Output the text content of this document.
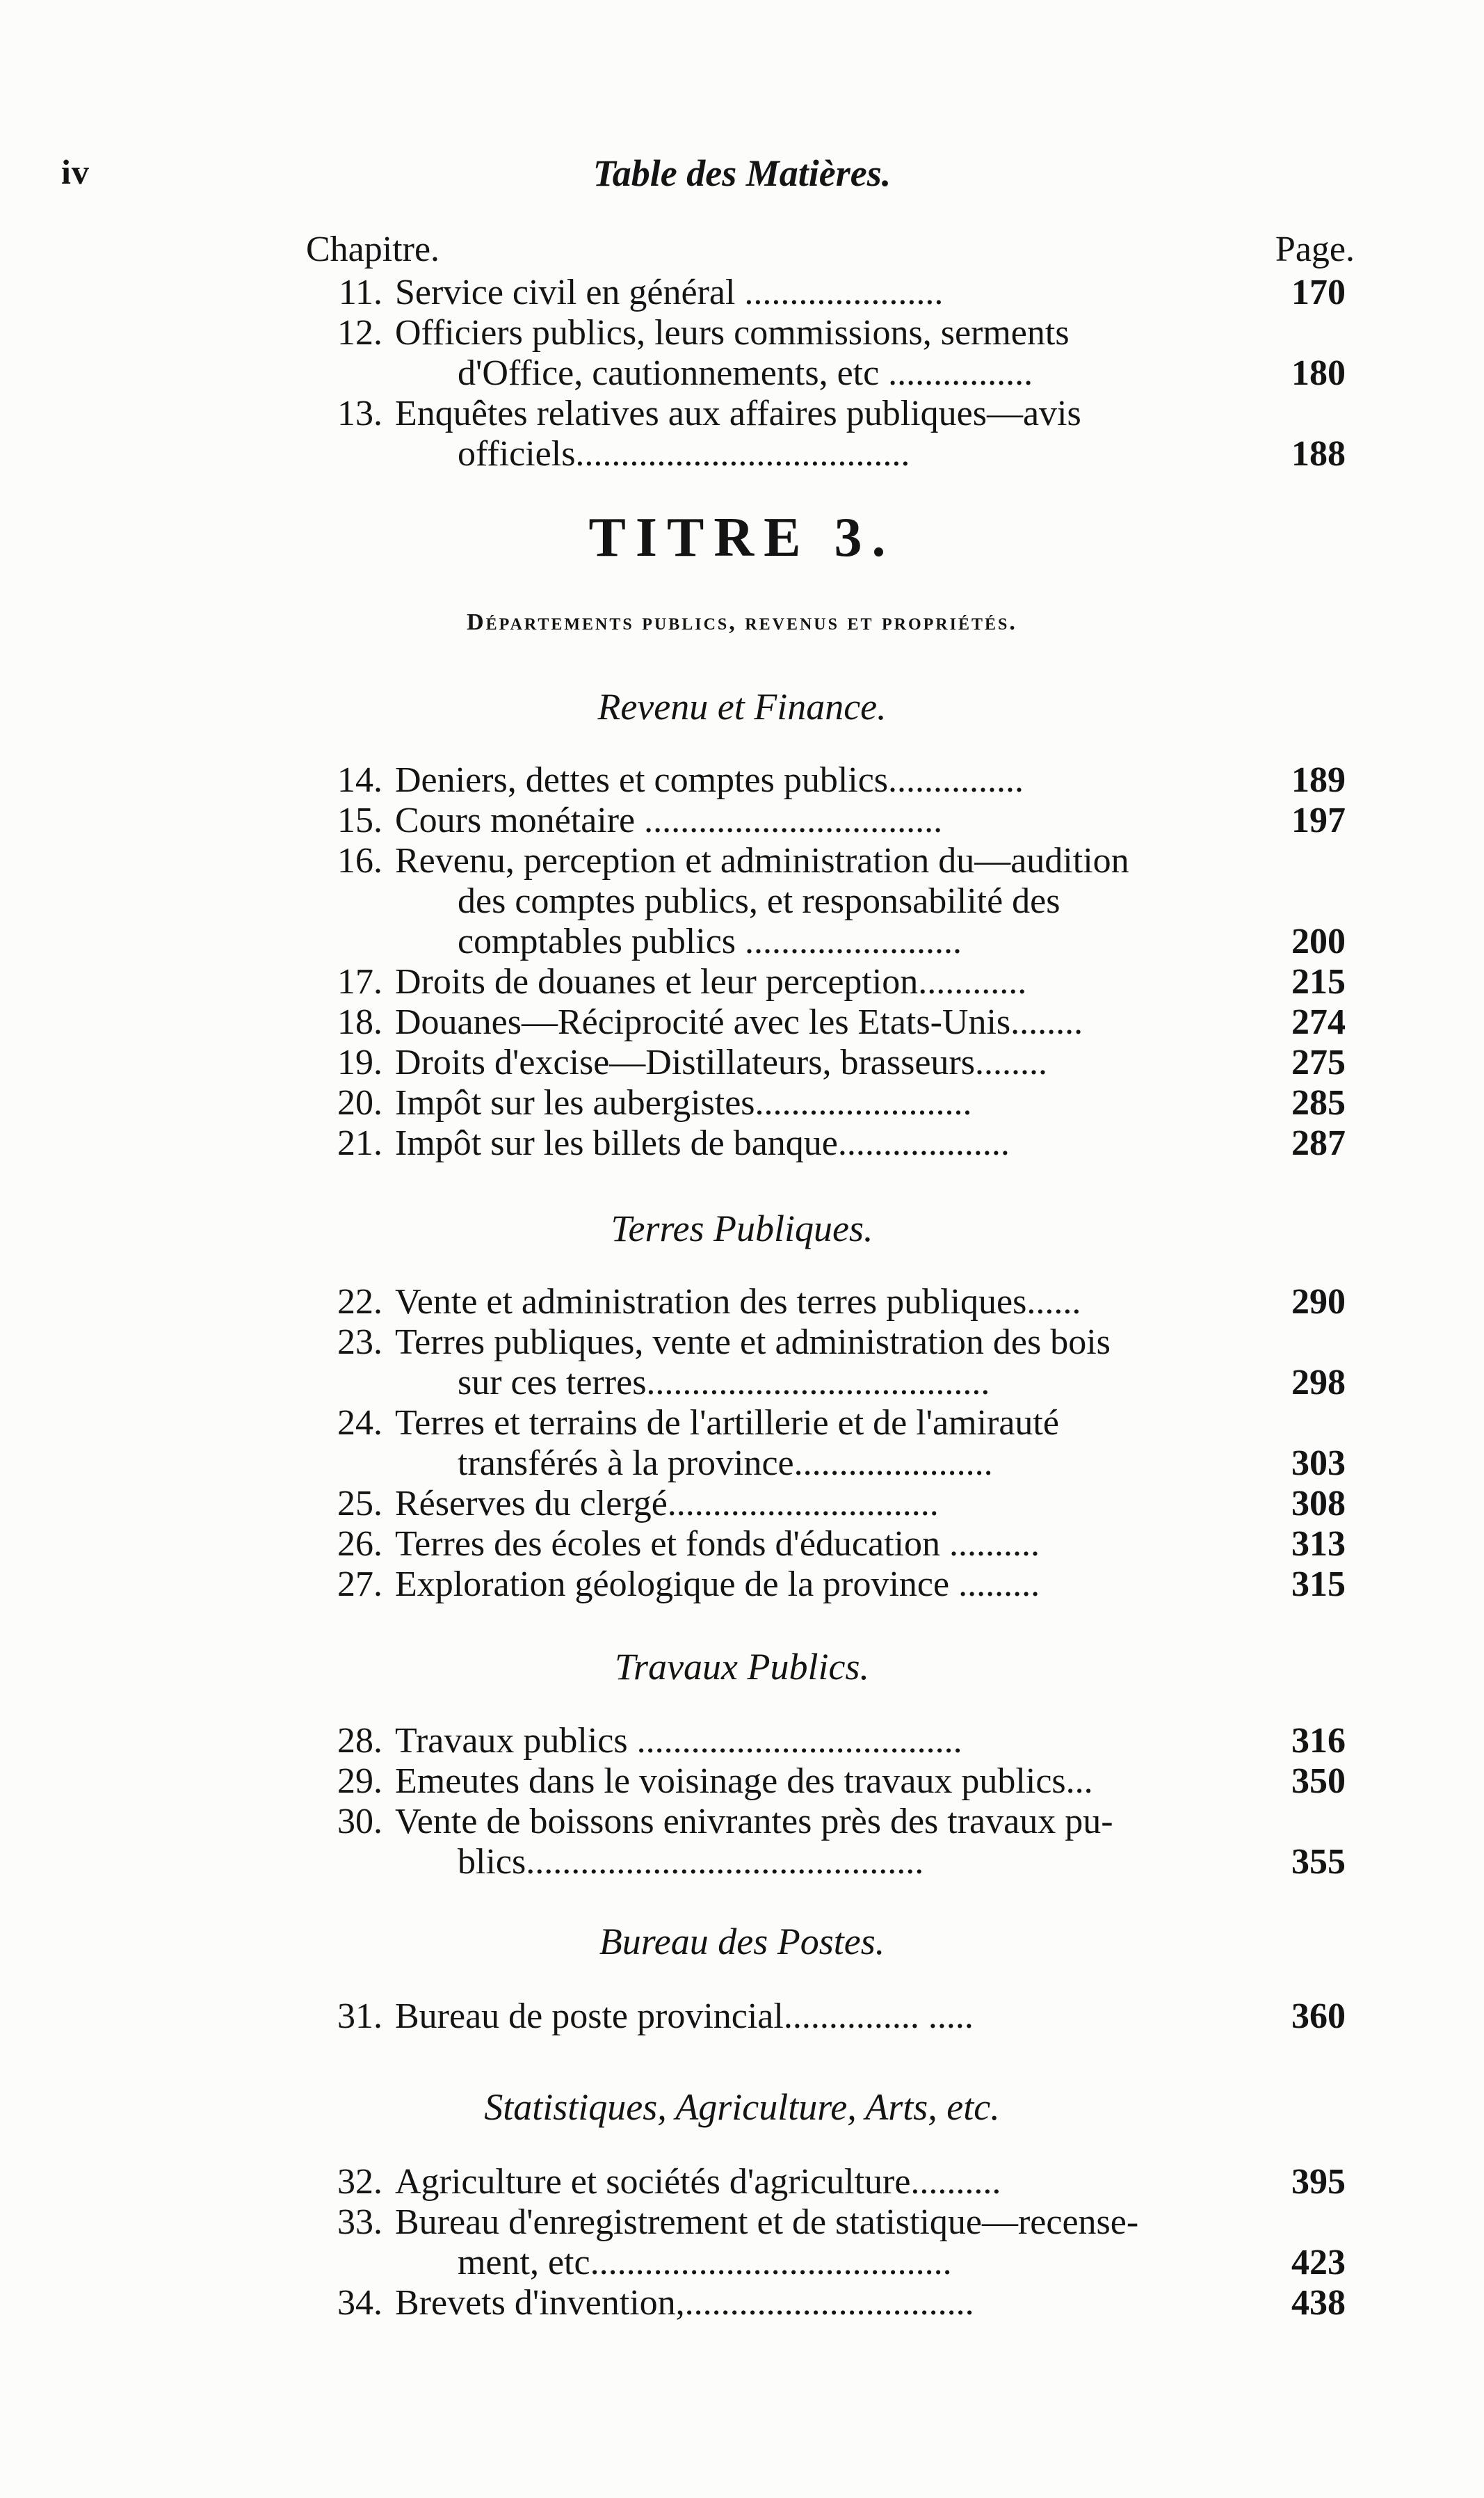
iv	Table des Matières.
Chapitre.	Page.
11. Service civil en général ......................	170
12. Officiers publics, leurs commissions, serments
d'Office, cautionnements, etc ................	180
13. Enquêtes relatives aux affaires publiques—avis
officiels.....................................	188
TITRE 3.
Départements publics, revenus et propriétés.
Revenu et Finance.
14. Deniers, dettes et comptes publics...............	189
15. Cours monétaire .................................	197
16. Revenu, perception et administration du—audition
des comptes publics, et responsabilité des
comptables publics ........................	200
17. Droits de douanes et leur perception............	215
18. Douanes—Réciprocité avec les Etats-Unis........	274
19. Droits d'excise—Distillateurs, brasseurs........	275
20. Impôt sur les aubergistes........................	285
21. Impôt sur les billets de banque...................	287
Terres Publiques.
22. Vente et administration des terres publiques......	290
23. Terres publiques, vente et administration des bois
sur ces terres......................................	298
24. Terres et terrains de l'artillerie et de l'amirauté
transférés à la province......................	303
25. Réserves du clergé..............................	308
26. Terres des écoles et fonds d'éducation ..........	313
27. Exploration géologique de la province .........	315
Travaux Publics.
28. Travaux publics ....................................	316
29. Emeutes dans le voisinage des travaux publics...	350
30. Vente de boissons enivrantes près des travaux pu-
blics............................................	355
Bureau des Postes.
31. Bureau de poste provincial............... .....	360
Statistiques, Agriculture, Arts, etc.
32. Agriculture et sociétés d'agriculture..........	395
33. Bureau d'enregistrement et de statistique—recense-
ment, etc........................................	423
34. Brevets d'invention,................................	438
